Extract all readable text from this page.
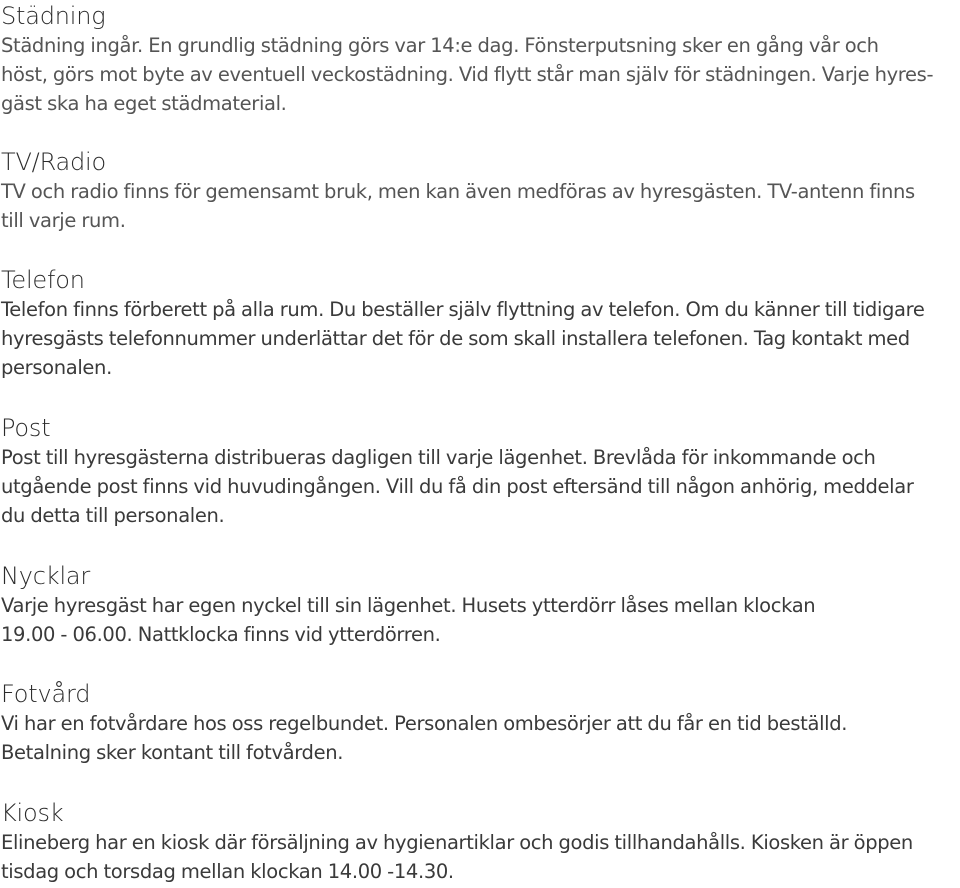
Städning
Städning ingår. En grundlig städning görs var 14:e dag. Fönsterputsning sker en gång vår och
höst, görs mot byte av eventuell veckostädning. Vid flytt står man själv för städningen. Varje hyres-
gäst ska ha eget städmaterial.
TV/Radio
TV och radio finns för gemensamt bruk, men kan även medföras av hyresgästen. TV-antenn finns
till varje rum.
Telefon
Telefon finns förberett på alla rum. Du beställer själv flyttning av telefon. Om du känner till tidigare
hyresgästs telefonnummer underlättar det för de som skall installera telefonen. Tag kontakt med
personalen.
Post
Post till hyresgästerna distribueras dagligen till varje lägenhet. Brevlåda för inkommande och
utgående post finns vid huvudingången. Vill du få din post eftersänd till någon anhörig, meddelar
du detta till personalen.
Nycklar
Varje hyresgäst har egen nyckel till sin lägenhet. Husets ytterdörr låses mellan klockan
19.00 - 06.00. Nattklocka finns vid ytterdörren.
Fotvård
Vi har en fotvårdare hos oss regelbundet. Personalen ombesörjer att du får en tid beställd.
Betalning sker kontant till fotvården.
Kiosk
Elineberg har en kiosk där försäljning av hygienartiklar och godis tillhandahålls. Kiosken är öppen
tisdag och torsdag mellan klockan 14.00 -14.30.
